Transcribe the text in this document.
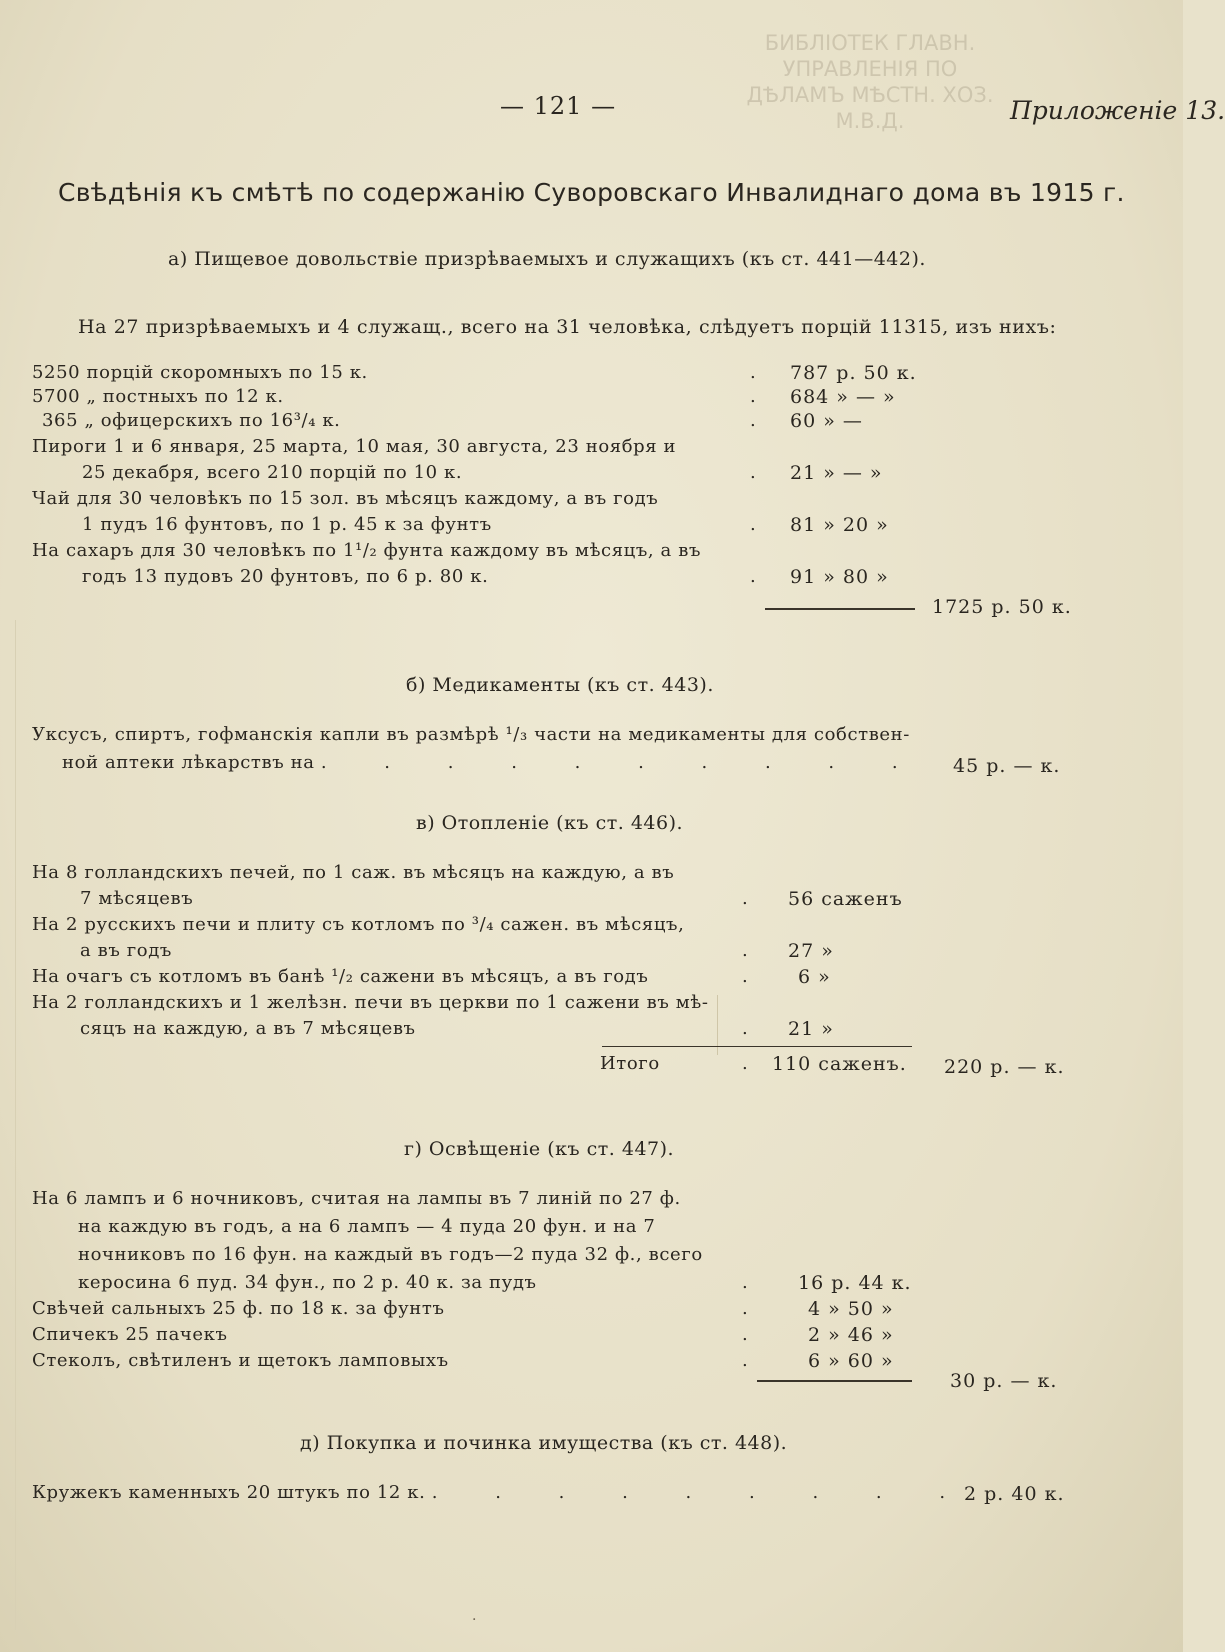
БИБЛІОТЕК ГЛАВН. УПРАВЛЕНІЯ ПО ДѢЛАМЪ МѢСТН. ХОЗ. М.В.Д.
— 121 —	Приложеніе 13.
Свѣдѣнія къ смѣтѣ по содержанію Суворовскаго Инвалиднаго дома въ 1915 г.
а) Пищевое довольствіе призрѣваемыхъ и служащихъ (къ ст. 441—442).
На 27 призрѣваемыхъ и 4 служащ., всего на 31 человѣка, слѣдуетъ порцій 11315, изъ нихъ:
5250 порцій скоромныхъ по 15 к.	787 р. 50 к.
.
5700 „ постныхъ по 12 к.	684 » — »
.
365 „ офицерскихъ по 16³/₄ к.	60 » —
.
Пироги 1 и 6 января, 25 марта, 10 мая, 30 августа, 23 ноября и
25 декабря, всего 210 порцій по 10 к.	21 » — »
.
Чай для 30 человѣкъ по 15 зол. въ мѣсяцъ каждому, а въ годъ
1 пудъ 16 фунтовъ, по 1 р. 45 к за фунтъ	81 » 20 »
.
На сахаръ для 30 человѣкъ по 1¹/₂ фунта каждому въ мѣсяцъ, а въ
годъ 13 пудовъ 20 фунтовъ, по 6 р. 80 к.	91 » 80 »
.
1725 р. 50 к.
б) Медикаменты (къ ст. 443).
Уксусъ, спиртъ, гофманскія капли въ размѣрѣ ¹/₃ части на медикаменты для собствен-
ной аптеки лѣкарствъ на . . . . . . . . . . 45 р. — к.
в) Отопленіе (къ ст. 446).
На 8 голландскихъ печей, по 1 саж. въ мѣсяцъ на каждую, а въ
7 мѣсяцевъ	56 саженъ
.
На 2 русскихъ печи и плиту съ котломъ по ³/₄ сажен. въ мѣсяцъ,
а въ годъ	27 »
.
На очагъ съ котломъ въ банѣ ¹/₂ сажени въ мѣсяцъ, а въ годъ	6 »
.
На 2 голландскихъ и 1 желѣзн. печи въ церкви по 1 сажени въ мѣ-
сяцъ на каждую, а въ 7 мѣсяцевъ	21 »
.
Итого	. 110 саженъ. 220 р. — к.
г) Освѣщеніе (къ ст. 447).
На 6 лампъ и 6 ночниковъ, считая на лампы въ 7 линій по 27 ф.
на каждую въ годъ, а на 6 лампъ — 4 пуда 20 фун. и на 7
ночниковъ по 16 фун. на каждый въ годъ—2 пуда 32 ф., всего
керосина 6 пуд. 34 фун., по 2 р. 40 к. за пудъ	16 р. 44 к.
.
Свѣчей сальныхъ 25 ф. по 18 к. за фунтъ	4 » 50 »
.
Спичекъ 25 пачекъ	2 » 46 »
.
Стеколъ, свѣтиленъ и щетокъ ламповыхъ	6 » 60 »
.
30 р. — к.
д) Покупка и починка имущества (къ ст. 448).
Кружекъ каменныхъ 20 штукъ по 12 к. . . . . . . . . .
2 р. 40 к.
·
